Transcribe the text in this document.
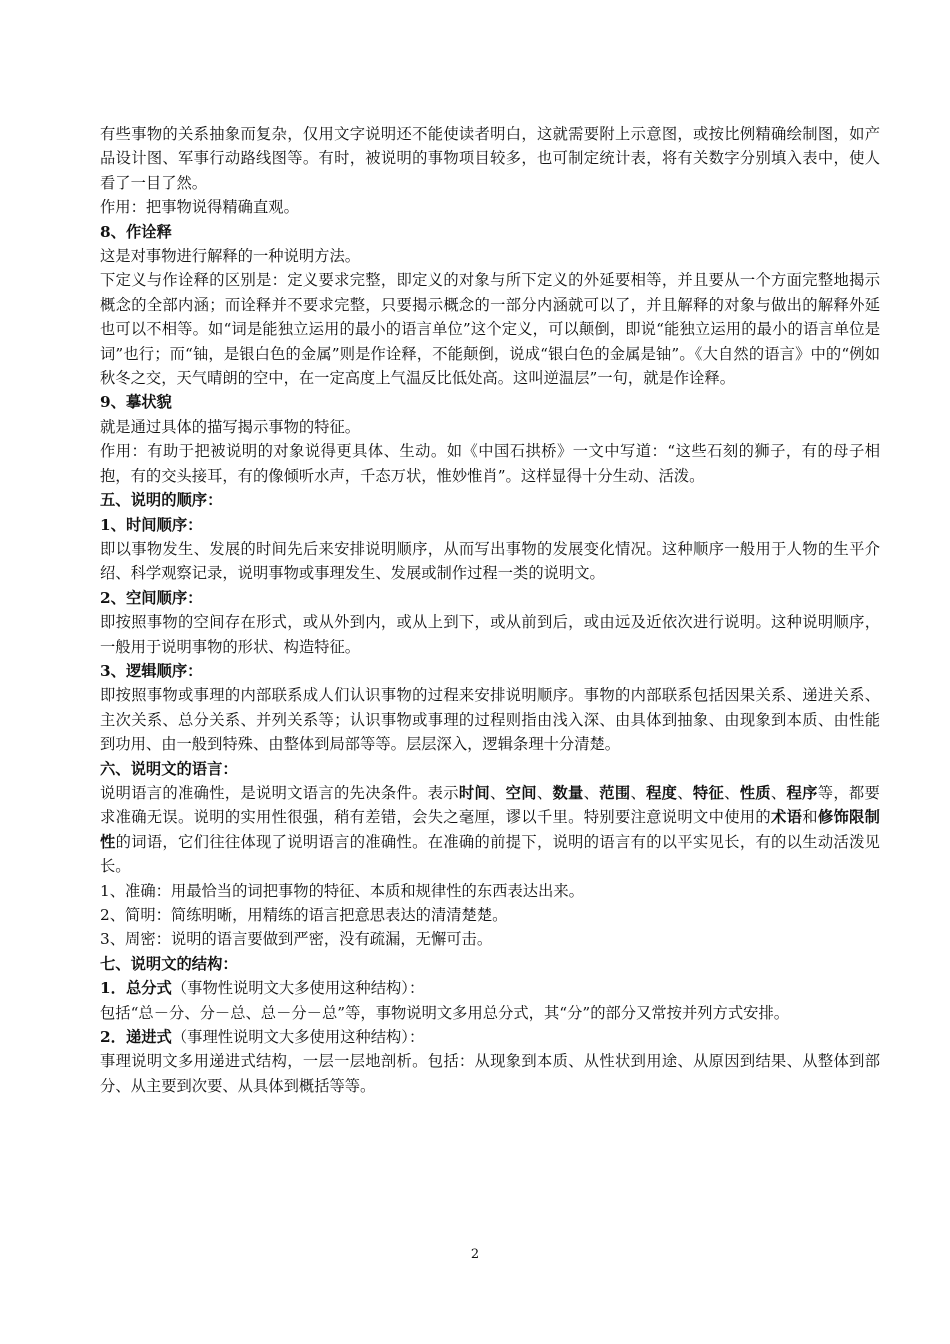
有些事物的关系抽象而复杂，仅用文字说明还不能使读者明白，这就需要附上示意图，或按比例精确绘制图，如产品设计图、军事行动路线图等。有时，被说明的事物项目较多，也可制定统计表，将有关数字分别填入表中，使人看了一目了然。
作用：把事物说得精确直观。
8、作诠释
这是对事物进行解释的一种说明方法。
下定义与作诠释的区别是：定义要求完整，即定义的对象与所下定义的外延要相等，并且要从一个方面完整地揭示概念的全部内涵；而诠释并不要求完整，只要揭示概念的一部分内涵就可以了，并且解释的对象与做出的解释外延也可以不相等。如“词是能独立运用的最小的语言单位”这个定义，可以颠倒，即说“能独立运用的最小的语言单位是词”也行；而“铀，是银白色的金属”则是作诠释，不能颠倒，说成“银白色的金属是铀”。《大自然的语言》中的“例如秋冬之交，天气晴朗的空中，在一定高度上气温反比低处高。这叫逆温层”一句，就是作诠释。
9、摹状貌
就是通过具体的描写揭示事物的特征。
作用：有助于把被说明的对象说得更具体、生动。如《中国石拱桥》一文中写道：“这些石刻的狮子，有的母子相抱，有的交头接耳，有的像倾听水声，千态万状，惟妙惟肖”。这样显得十分生动、活泼。
五、说明的顺序：
1、时间顺序：
即以事物发生、发展的时间先后来安排说明顺序，从而写出事物的发展变化情况。这种顺序一般用于人物的生平介绍、科学观察记录，说明事物或事理发生、发展或制作过程一类的说明文。
2、空间顺序：
即按照事物的空间存在形式，或从外到内，或从上到下，或从前到后，或由远及近依次进行说明。这种说明顺序，一般用于说明事物的形状、构造特征。
3、逻辑顺序：
即按照事物或事理的内部联系成人们认识事物的过程来安排说明顺序。事物的内部联系包括因果关系、递进关系、主次关系、总分关系、并列关系等；认识事物或事理的过程则指由浅入深、由具体到抽象、由现象到本质、由性能到功用、由一般到特殊、由整体到局部等等。层层深入，逻辑条理十分清楚。
六、说明文的语言：
说明语言的准确性，是说明文语言的先决条件。表示时间、空间、数量、范围、程度、特征、性质、程序等，都要求准确无误。说明的实用性很强，稍有差错，会失之毫厘，谬以千里。特别要注意说明文中使用的术语和修饰限制性的词语，它们往往体现了说明语言的准确性。在准确的前提下，说明的语言有的以平实见长，有的以生动活泼见长。
1、准确：用最恰当的词把事物的特征、本质和规律性的东西表达出来。
2、简明：简练明晰，用精练的语言把意思表达的清清楚楚。
3、周密：说明的语言要做到严密，没有疏漏，无懈可击。
七、说明文的结构：
1．总分式（事物性说明文大多使用这种结构）：
包括“总－分、分－总、总－分－总”等，事物说明文多用总分式，其“分”的部分又常按并列方式安排。
2．递进式（事理性说明文大多使用这种结构）：
事理说明文多用递进式结构，一层一层地剖析。包括：从现象到本质、从性状到用途、从原因到结果、从整体到部分、从主要到次要、从具体到概括等等。
2
